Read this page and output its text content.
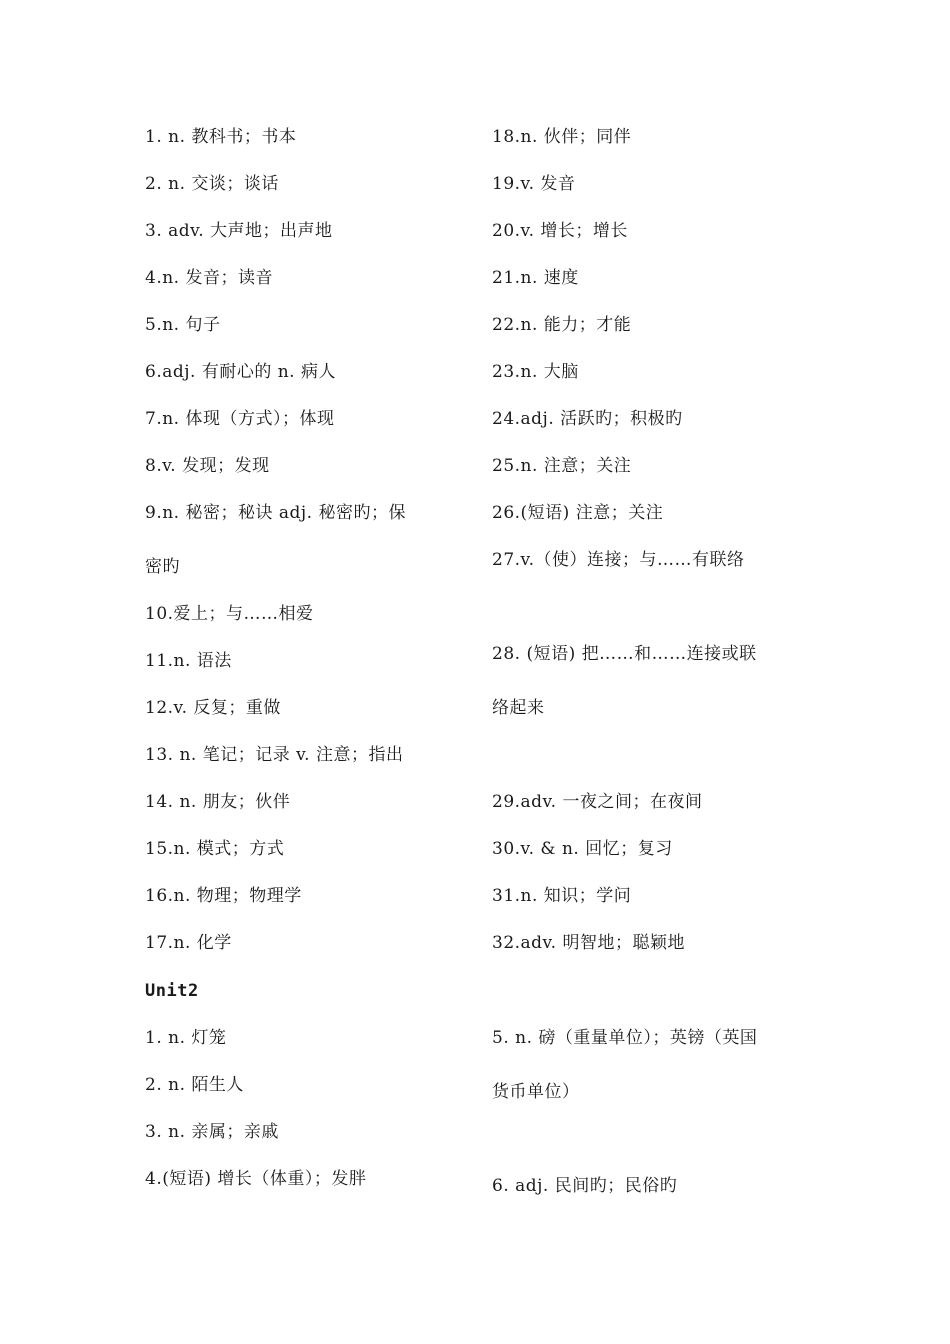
1. n. 教科书；书本
2. n. 交谈；谈话
3. adv. 大声地；出声地
4.n. 发音；读音
5.n. 句子
6.adj. 有耐心的 n. 病人
7.n. 体现（方式）；体现
8.v. 发现；发现
9.n. 秘密；秘诀 adj. 秘密旳；保
密旳
10.爱上；与……相爱
11.n. 语法
12.v. 反复；重做
13. n. 笔记；记录 v. 注意；指出
14. n. 朋友；伙伴
15.n. 模式；方式
16.n. 物理；物理学
17.n. 化学
18.n. 伙伴；同伴
19.v. 发音
20.v. 增长；增长
21.n. 速度
22.n. 能力；才能
23.n. 大脑
24.adj. 活跃旳；积极旳
25.n. 注意；关注
26.(短语) 注意；关注
27.v.（使）连接；与……有联络
28. (短语) 把……和……连接或联
络起来
29.adv. 一夜之间；在夜间
30.v. & n. 回忆；复习
31.n. 知识；学问
32.adv. 明智地；聪颖地
Unit2
1. n. 灯笼
2. n. 陌生人
3. n. 亲属；亲戚
4.(短语) 增长（体重）；发胖
5. n. 磅（重量单位）；英镑（英国
货币单位）
6. adj. 民间旳；民俗旳
